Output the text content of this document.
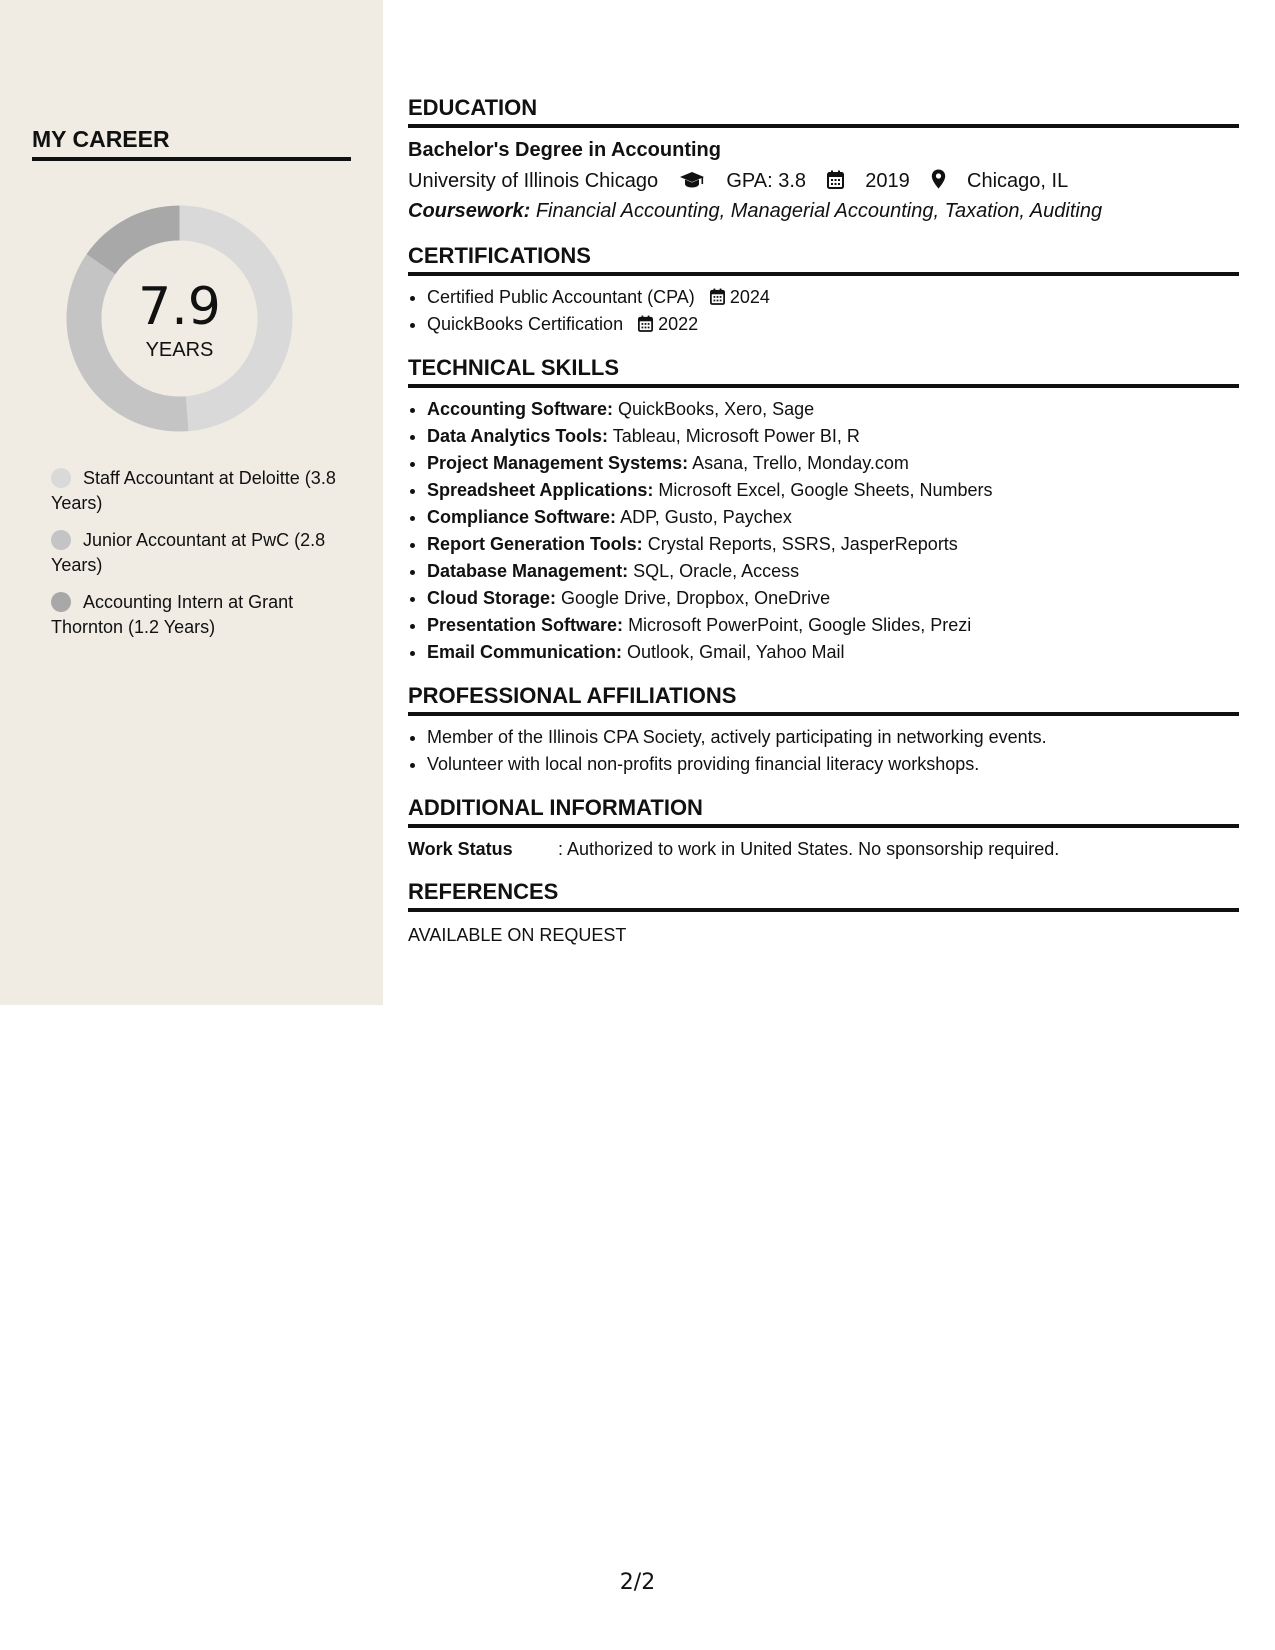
MY CAREER
7.9
YEARS
Staff Accountant at Deloitte (3.8 Years)
Junior Accountant at PwC (2.8 Years)
Accounting Intern at Grant Thornton (1.2 Years)
EDUCATION
Bachelor's Degree in Accounting
University of Illinois Chicago	GPA: 3.8	2019	Chicago, IL
Coursework: Financial Accounting, Managerial Accounting, Taxation, Auditing
CERTIFICATIONS
• Certified Public Accountant (CPA) 2024
• QuickBooks Certification 2022
TECHNICAL SKILLS
• Accounting Software: QuickBooks, Xero, Sage
• Data Analytics Tools: Tableau, Microsoft Power BI, R
• Project Management Systems: Asana, Trello, Monday.com
• Spreadsheet Applications: Microsoft Excel, Google Sheets, Numbers
• Compliance Software: ADP, Gusto, Paychex
• Report Generation Tools: Crystal Reports, SSRS, JasperReports
• Database Management: SQL, Oracle, Access
• Cloud Storage: Google Drive, Dropbox, OneDrive
• Presentation Software: Microsoft PowerPoint, Google Slides, Prezi
• Email Communication: Outlook, Gmail, Yahoo Mail
PROFESSIONAL AFFILIATIONS
• Member of the Illinois CPA Society, actively participating in networking events.
• Volunteer with local non-profits providing financial literacy workshops.
ADDITIONAL INFORMATION
Work Status	: Authorized to work in United States. No sponsorship required.
REFERENCES
AVAILABLE ON REQUEST
2/2
